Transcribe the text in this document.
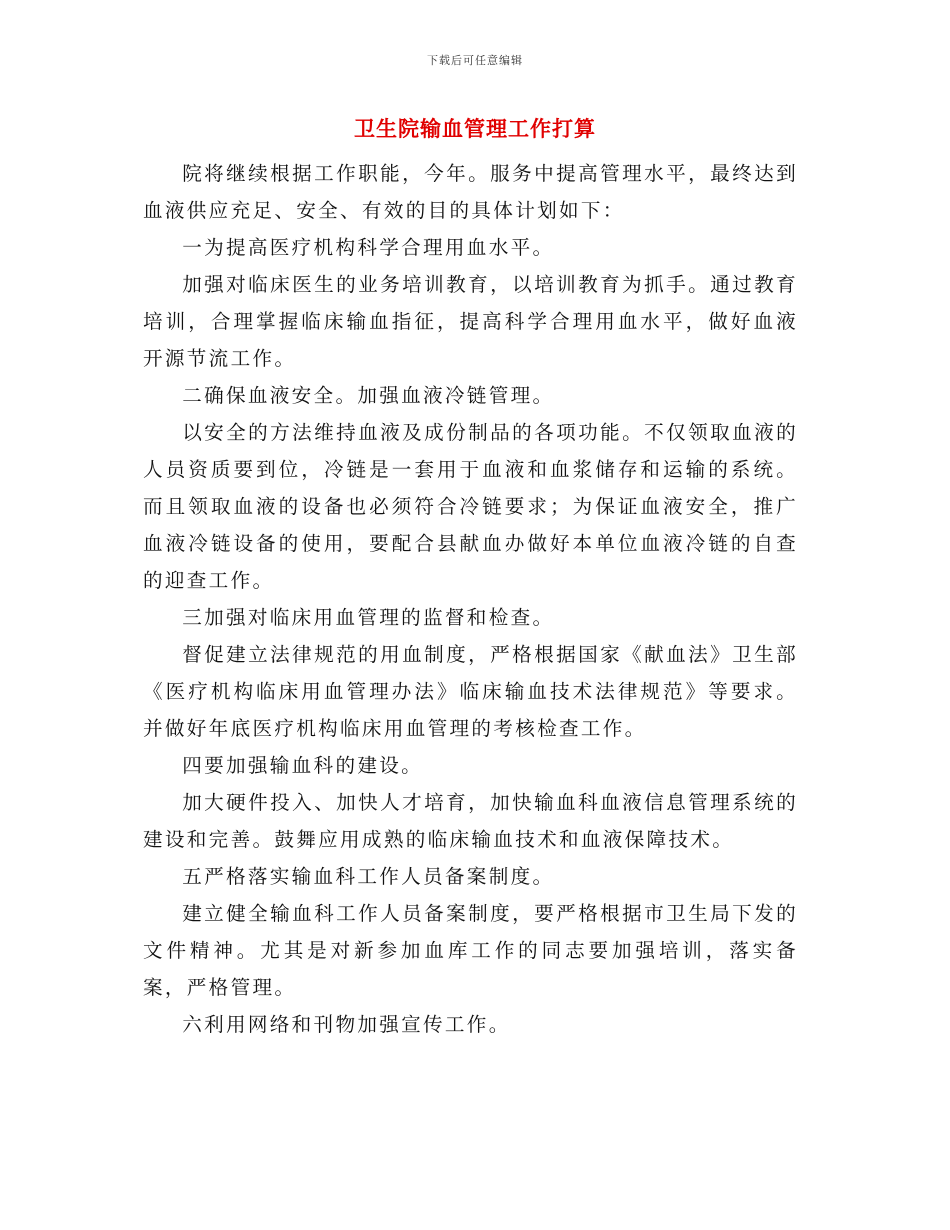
下载后可任意编辑
卫生院输血管理工作打算

院将继续根据工作职能，今年。服务中提高管理水平，最终达到血液供应充足、安全、有效的目的具体计划如下：

一为提高医疗机构科学合理用血水平。

加强对临床医生的业务培训教育，以培训教育为抓手。通过教育培训，合理掌握临床输血指征，提高科学合理用血水平，做好血液开源节流工作。

二确保血液安全。加强血液冷链管理。

以安全的方法维持血液及成份制品的各项功能。不仅领取血液的人员资质要到位，冷链是一套用于血液和血浆储存和运输的系统。而且领取血液的设备也必须符合冷链要求；为保证血液安全，推广血液冷链设备的使用，要配合县献血办做好本单位血液冷链的自查的迎查工作。

三加强对临床用血管理的监督和检查。

督促建立法律规范的用血制度，严格根据国家《献血法》卫生部《医疗机构临床用血管理办法》临床输血技术法律规范》等要求。并做好年底医疗机构临床用血管理的考核检查工作。

四要加强输血科的建设。

加大硬件投入、加快人才培育，加快输血科血液信息管理系统的建设和完善。鼓舞应用成熟的临床输血技术和血液保障技术。

五严格落实输血科工作人员备案制度。

建立健全输血科工作人员备案制度，要严格根据市卫生局下发的文件精神。尤其是对新参加血库工作的同志要加强培训，落实备案，严格管理。

六利用网络和刊物加强宣传工作。
